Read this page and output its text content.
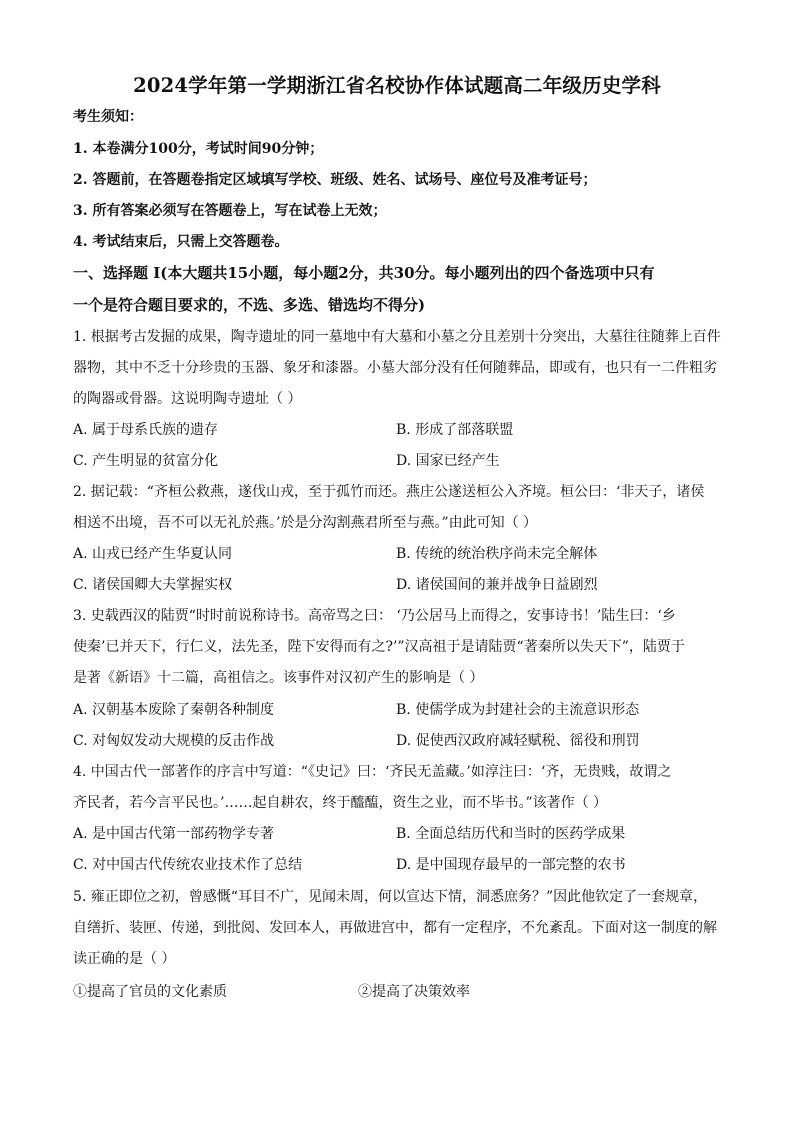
2024学年第一学期浙江省名校协作体试题高二年级历史学科
考生须知：
1. 本卷满分100分，考试时间90分钟；
2. 答题前，在答题卷指定区域填写学校、班级、姓名、试场号、座位号及准考证号；
3. 所有答案必须写在答题卷上，写在试卷上无效；
4. 考试结束后，只需上交答题卷。
一、选择题 Ⅰ(本大题共15小题，每小题2分，共30分。每小题列出的四个备选项中只有
一个是符合题目要求的，不选、多选、错选均不得分)
1. 根据考古发掘的成果，陶寺遗址的同一墓地中有大墓和小墓之分且差别十分突出，大墓往往随葬上百件
器物，其中不乏十分珍贵的玉器、象牙和漆器。小墓大部分没有任何随葬品，即或有，也只有一二件粗劣
的陶器或骨器。这说明陶寺遗址（ ）
A. 属于母系氏族的遗存	B. 形成了部落联盟
C. 产生明显的贫富分化	D. 国家已经产生
2. 据记载：“齐桓公救燕，遂伐山戎，至于孤竹而还。燕庄公遂送桓公入齐境。桓公曰：‘非天子，诸侯
相送不出境，吾不可以无礼於燕。’於是分沟割燕君所至与燕。”由此可知（ ）
A. 山戎已经产生华夏认同	B. 传统的统治秩序尚未完全解体
C. 诸侯国卿大夫掌握实权	D. 诸侯国间的兼并战争日益剧烈
3. 史载西汉的陆贾“时时前说称诗书。高帝骂之曰： ‘乃公居马上而得之，安事诗书！’陆生曰：‘乡
使秦’已并天下，行仁义，法先圣，陛下安得而有之?’”汉高祖于是请陆贾“著秦所以失天下”，陆贾于
是著《新语》十二篇，高祖信之。该事件对汉初产生的影响是（ ）
A. 汉朝基本废除了秦朝各种制度	B. 使儒学成为封建社会的主流意识形态
C. 对匈奴发动大规模的反击作战	D. 促使西汉政府减轻赋税、徭役和刑罚
4. 中国古代一部著作的序言中写道：“《史记》曰：‘齐民无盖藏。’如淳注曰：‘齐，无贵贱，故谓之
齐民者，若今言平民也。’……起自耕农，终于醯醢，资生之业，而不毕书。”该著作（ ）
A. 是中国古代第一部药物学专著	B. 全面总结历代和当时的医药学成果
C. 对中国古代传统农业技术作了总结	D. 是中国现存最早的一部完整的农书
5. 雍正即位之初，曾感慨“耳目不广，见闻未周，何以宣达下情，洞悉庶务？”因此他钦定了一套规章，
自缮折、装匣、传递，到批阅、发回本人，再做进宫中，都有一定程序，不允紊乱。下面对这一制度的解
读正确的是（ ）
①提高了官员的文化素质	②提高了决策效率
